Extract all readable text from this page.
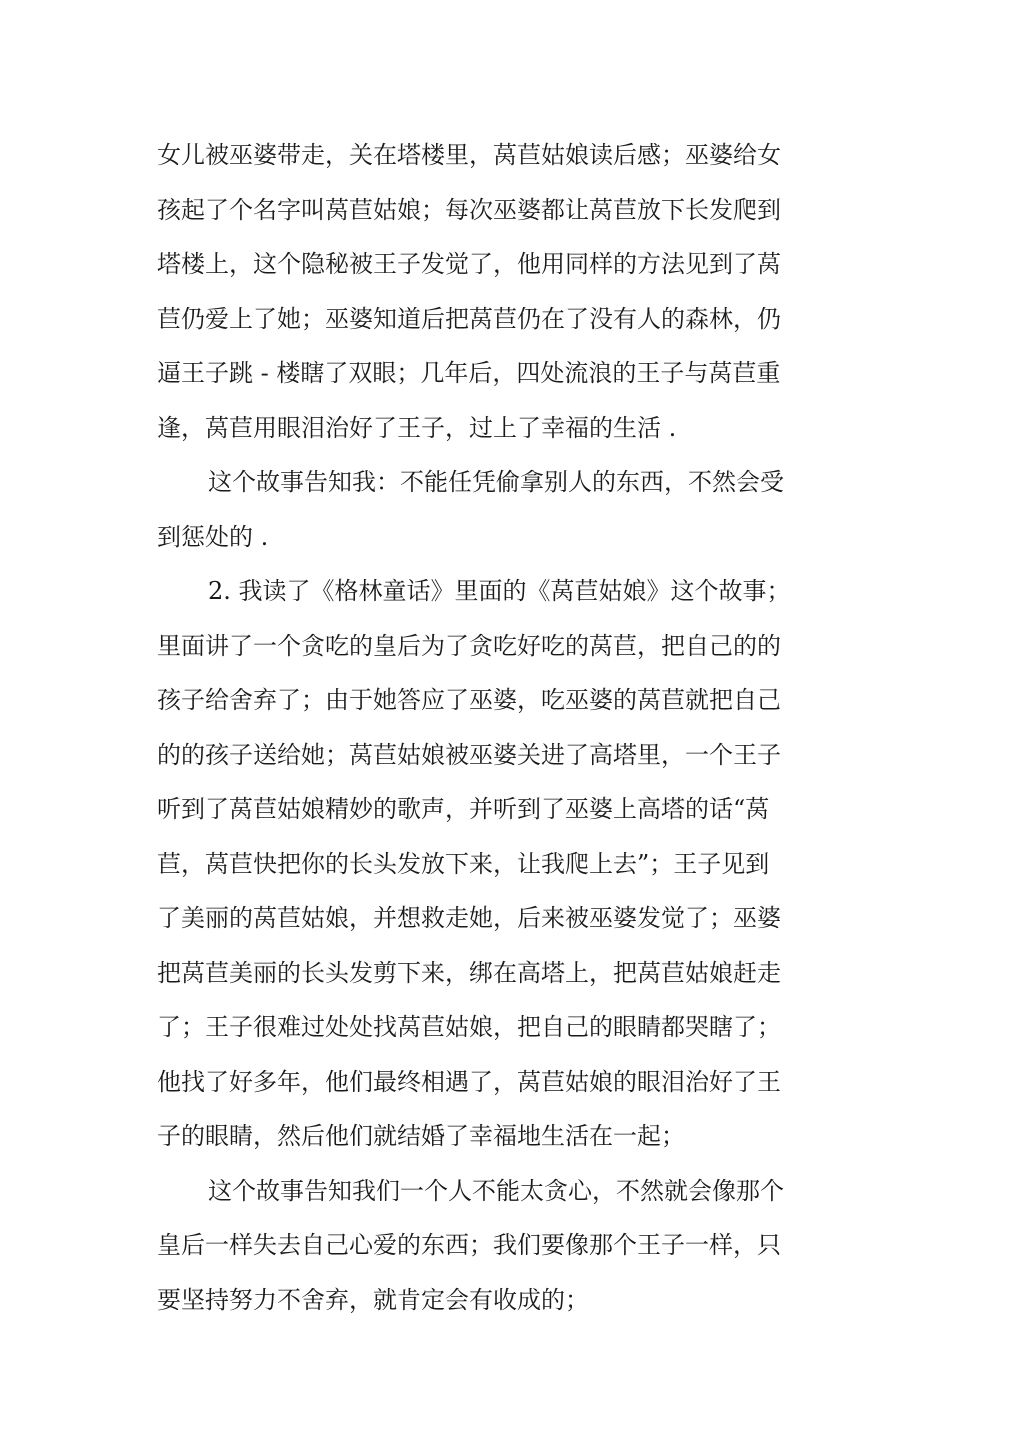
女儿被巫婆带走，关在塔楼里，莴苣姑娘读后感；巫婆给女
孩起了个名字叫莴苣姑娘；每次巫婆都让莴苣放下长发爬到
塔楼上，这个隐秘被王子发觉了，他用同样的方法见到了莴
苣仍爱上了她；巫婆知道后把莴苣仍在了没有人的森林，仍
逼王子跳 - 楼瞎了双眼；几年后，四处流浪的王子与莴苣重
逢，莴苣用眼泪治好了王子，过上了幸福的生活 .
这个故事告知我：不能任凭偷拿别人的东西，不然会受
到惩处的 .
2. 我读了《格林童话》里面的《莴苣姑娘》这个故事；
里面讲了一个贪吃的皇后为了贪吃好吃的莴苣，把自己的的
孩子给舍弃了；由于她答应了巫婆，吃巫婆的莴苣就把自己
的的孩子送给她；莴苣姑娘被巫婆关进了高塔里，一个王子
听到了莴苣姑娘精妙的歌声，并听到了巫婆上高塔的话“莴
苣，莴苣快把你的长头发放下来，让我爬上去”；王子见到
了美丽的莴苣姑娘，并想救走她，后来被巫婆发觉了；巫婆
把莴苣美丽的长头发剪下来，绑在高塔上，把莴苣姑娘赶走
了；王子很难过处处找莴苣姑娘，把自己的眼睛都哭瞎了；
他找了好多年，他们最终相遇了，莴苣姑娘的眼泪治好了王
子的眼睛，然后他们就结婚了幸福地生活在一起；
这个故事告知我们一个人不能太贪心，不然就会像那个
皇后一样失去自己心爱的东西；我们要像那个王子一样，只
要坚持努力不舍弃，就肯定会有收成的；
